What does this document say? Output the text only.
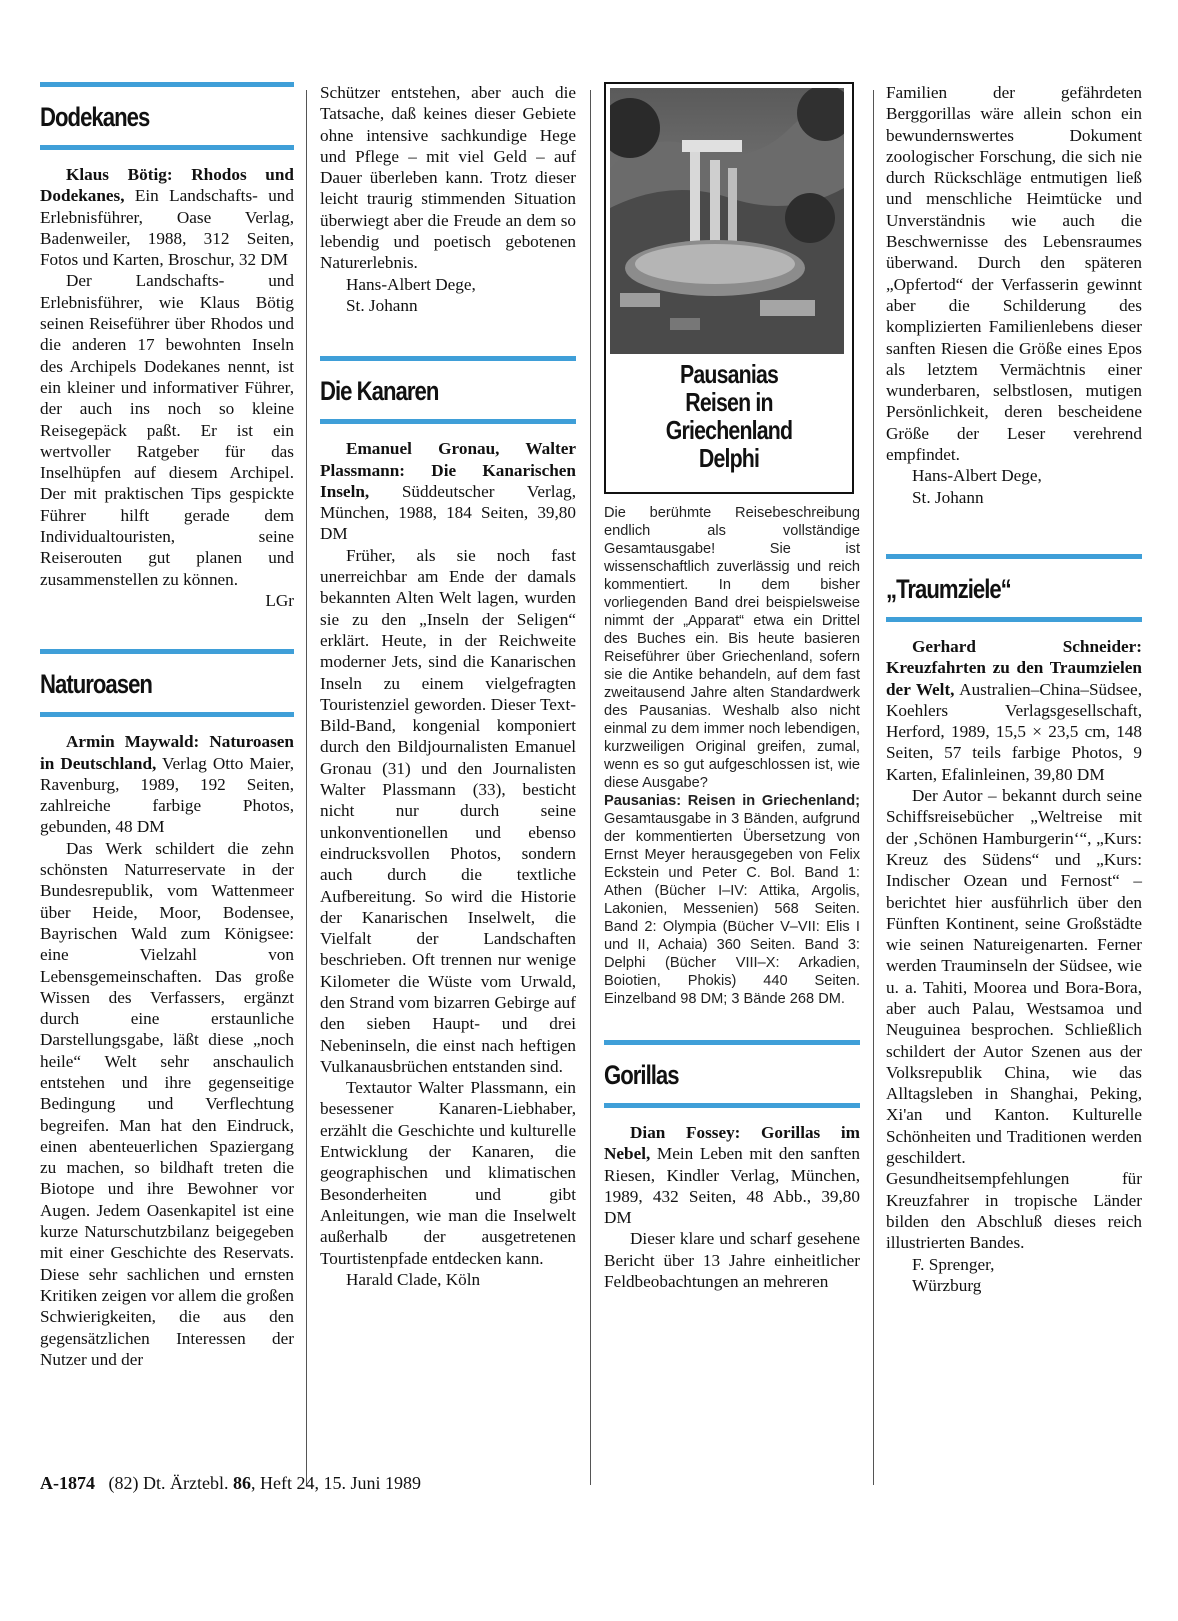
Dodekanes

Klaus Bötig: Rhodos und Dodekanes, Ein Landschafts- und Erlebnisführer, Oase Verlag, Badenweiler, 1988, 312 Seiten, Fotos und Karten, Broschur, 32 DM

Der Landschafts- und Erlebnisführer, wie Klaus Bötig seinen Reiseführer über Rhodos und die anderen 17 bewohnten Inseln des Archipels Dodekanes nennt, ist ein kleiner und informativer Führer, der auch ins noch so kleine Reisegepäck paßt. Er ist ein wertvoller Ratgeber für das Inselhüpfen auf diesem Archipel. Der mit praktischen Tips gespickte Führer hilft gerade dem Individualtouristen, seine Reiserouten gut planen und zusammenstellen zu können.

LGr
Naturoasen

Armin Maywald: Naturoasen in Deutschland, Verlag Otto Maier, Ravenburg, 1989, 192 Seiten, zahlreiche farbige Photos, gebunden, 48 DM

Das Werk schildert die zehn schönsten Naturreservate in der Bundesrepublik, vom Wattenmeer über Heide, Moor, Bodensee, Bayrischen Wald zum Königsee: eine Vielzahl von Lebensgemeinschaften. Das große Wissen des Verfassers, ergänzt durch eine erstaunliche Darstellungsgabe, läßt diese „noch heile“ Welt sehr anschaulich entstehen und ihre gegenseitige Bedingung und Verflechtung begreifen. Man hat den Eindruck, einen abenteuerlichen Spaziergang zu machen, so bildhaft treten die Biotope und ihre Bewohner vor Augen. Jedem Oasenkapitel ist eine kurze Naturschutzbilanz beigegeben mit einer Geschichte des Reservats. Diese sehr sachlichen und ernsten Kritiken zeigen vor allem die großen Schwierigkeiten, die aus den gegensätzlichen Interessen der Nutzer und der

Schützer entstehen, aber auch die Tatsache, daß keines dieser Gebiete ohne intensive sachkundige Hege und Pflege – mit viel Geld – auf Dauer überleben kann. Trotz dieser leicht traurig stimmenden Situation überwiegt aber die Freude an dem so lebendig und poetisch gebotenen Naturerlebnis.

Hans-Albert Dege,
St. Johann
Die Kanaren

Emanuel Gronau, Walter Plassmann: Die Kanarischen Inseln, Süddeutscher Verlag, München, 1988, 184 Seiten, 39,80 DM

Früher, als sie noch fast unerreichbar am Ende der damals bekannten Alten Welt lagen, wurden sie zu den „Inseln der Seligen“ erklärt. Heute, in der Reichweite moderner Jets, sind die Kanarischen Inseln zu einem vielgefragten Touristenziel geworden. Dieser Text-Bild-Band, kongenial komponiert durch den Bildjournalisten Emanuel Gronau (31) und den Journalisten Walter Plassmann (33), besticht nicht nur durch seine unkonventionellen und ebenso eindrucksvollen Photos, sondern auch durch die textliche Aufbereitung. So wird die Historie der Kanarischen Inselwelt, die Vielfalt der Landschaften beschrieben. Oft trennen nur wenige Kilometer die Wüste vom Urwald, den Strand vom bizarren Gebirge auf den sieben Haupt- und drei Nebeninseln, die einst nach heftigen Vulkanausbrüchen entstanden sind.

Textautor Walter Plassmann, ein besessener Kanaren-Liebhaber, erzählt die Geschichte und kulturelle Entwicklung der Kanaren, die geographischen und klimatischen Besonderheiten und gibt Anleitungen, wie man die Inselwelt außerhalb der ausgetretenen Tourtistenpfade entdecken kann.

Harald Clade, Köln
Pausanias
Reisen in
Griechenland
Delphi

Die berühmte Reisebeschreibung endlich als vollständige Gesamtausgabe! Sie ist wissenschaftlich zuverlässig und reich kommentiert. In dem bisher vorliegenden Band drei beispielsweise nimmt der „Apparat“ etwa ein Drittel des Buches ein. Bis heute basieren Reiseführer über Griechenland, sofern sie die Antike behandeln, auf dem fast zweitausend Jahre alten Standardwerk des Pausanias. Weshalb also nicht einmal zu dem immer noch lebendigen, kurzweiligen Original greifen, zumal, wenn es so gut aufgeschlossen ist, wie diese Ausgabe?

Pausanias: Reisen in Griechenland; Gesamtausgabe in 3 Bänden, aufgrund der kommentierten Übersetzung von Ernst Meyer herausgegeben von Felix Eckstein und Peter C. Bol. Band 1: Athen (Bücher I–IV: Attika, Argolis, Lakonien, Messenien) 568 Seiten. Band 2: Olympia (Bücher V–VII: Elis I und II, Achaia) 360 Seiten. Band 3: Delphi (Bücher VIII–X: Arkadien, Boiotien, Phokis) 440 Seiten. Einzelband 98 DM; 3 Bände 268 DM.

Gorillas

Dian Fossey: Gorillas im Nebel, Mein Leben mit den sanften Riesen, Kindler Verlag, München, 1989, 432 Seiten, 48 Abb., 39,80 DM

Dieser klare und scharf gesehene Bericht über 13 Jahre einheitlicher Feldbeobachtungen an mehreren

Familien der gefährdeten Berggorillas wäre allein schon ein bewundernswertes Dokument zoologischer Forschung, die sich nie durch Rückschläge entmutigen ließ und menschliche Heimtücke und Unverständnis wie auch die Beschwernisse des Lebensraumes überwand. Durch den späteren „Opfertod“ der Verfasserin gewinnt aber die Schilderung des komplizierten Familienlebens dieser sanften Riesen die Größe eines Epos als letztem Vermächtnis einer wunderbaren, selbstlosen, mutigen Persönlichkeit, deren bescheidene Größe der Leser verehrend empfindet.

Hans-Albert Dege,
St. Johann
„Traumziele“

Gerhard Schneider: Kreuzfahrten zu den Traumzielen der Welt, Australien–China–Südsee, Koehlers Verlagsgesellschaft, Herford, 1989, 15,5 × 23,5 cm, 148 Seiten, 57 teils farbige Photos, 9 Karten, Efalinleinen, 39,80 DM

Der Autor – bekannt durch seine Schiffsreisebücher „Weltreise mit der ‚Schönen Hamburgerin‘“, „Kurs: Kreuz des Südens“ und „Kurs: Indischer Ozean und Fernost“ – berichtet hier ausführlich über den Fünften Kontinent, seine Großstädte wie seinen Natureigenarten. Ferner werden Trauminseln der Südsee, wie u. a. Tahiti, Moorea und Bora-Bora, aber auch Palau, Westsamoa und Neuguinea besprochen. Schließlich schildert der Autor Szenen aus der Volksrepublik China, wie das Alltagsleben in Shanghai, Peking, Xi'an und Kanton. Kulturelle Schönheiten und Traditionen werden geschildert. Gesundheitsempfehlungen für Kreuzfahrer in tropische Länder bilden den Abschluß dieses reich illustrierten Bandes.

F. Sprenger,
Würzburg
A-1874 (82) Dt. Ärztebl. 86, Heft 24, 15. Juni 1989
